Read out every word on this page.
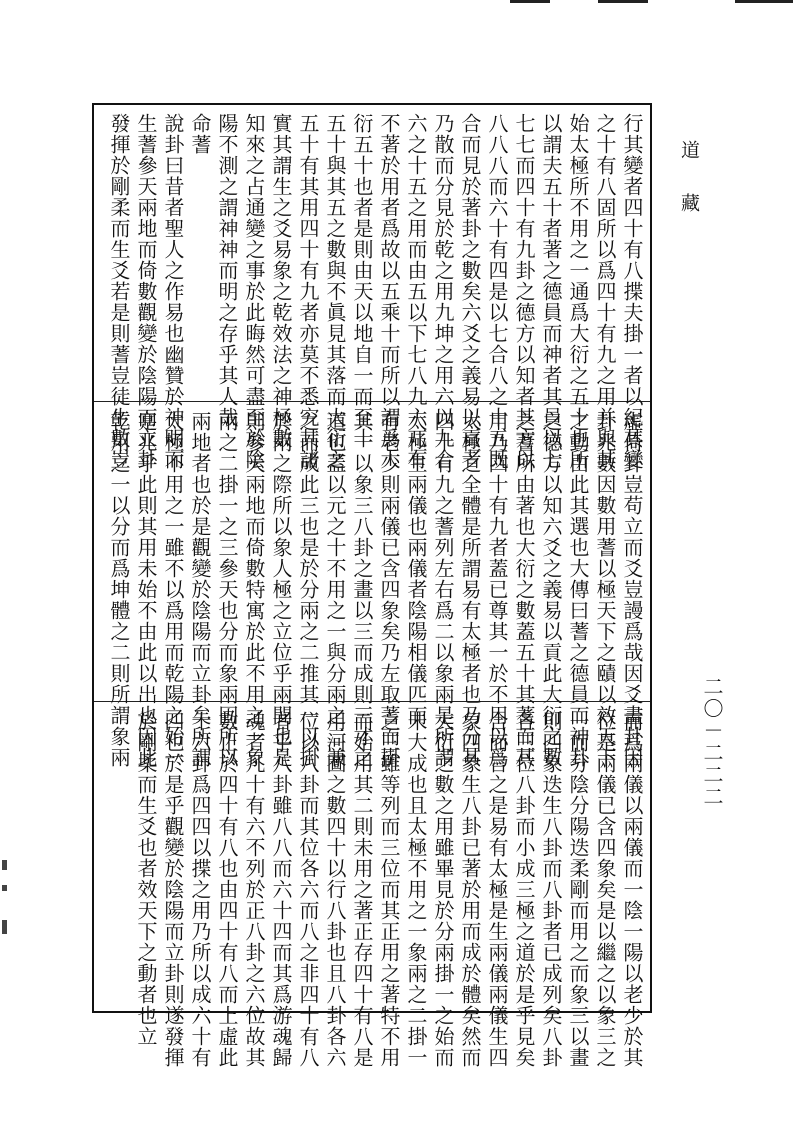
行其變者四十有八揲夫掛一者以紀其變
之十有八固所以爲四十有九之用并與其
始太極所不用之一通爲大衍之五十也所
以謂夫五十者著之德員而神者其員以七
七七而四十有九卦之德方以知者其方以
八八八而六十有四是以七合八之十五既
合而見於著卦之數矣六爻之義易以貢者
乃散而分見於乾之用九坤之用六以九合
六之十五之用而由五以下七八九六兀有
不著於用者爲故以五乘十而所以謂爲大
衍五十也者是則由天以地自一而至十
五十與其五之數與不眞見其落而大衍之
五十有其用四十有九者亦莫不悉究其諸
實其謂生之爻易象之乾效法之神極數
知來之占通變之事於此晦然可盡至於陰
陽不測之謂神神而明之存乎其人哉
命蓍
說卦曰昔者聖人之作易也幽贊於神明而
生蓍參天兩地而倚數觀變於陰陽而立卦
發揮於剛柔而生爻若是則蓍豈徒生數豈
虛倚卦豈苟立而爻豈謾爲哉因爻畫卦因
卦兆數因數用蓍以極天下之賾以效天下
之動由此其選也大傳曰蓍之德員而神卦
之德方以知六爻之義易以貢此大衍之數
之蓍所由著也大衍之數蓋五十其蓍而其
用乃四十有九者蓋已尊其一於不用以爲
太極之全體是所謂易有太極者也乃分其
四十有九之蓍列左右爲二以象兩是所謂
太極生兩儀也兩儀者陰陽相儀匹而
有老少則兩儀已含四象矣乃左取蓍而掛
其一以象三八卦之畫以三而成則三才之
道也蓋以元之十不用之一與分兩之二兼
之而成此三也是於分兩之二推其一以掛
於兩之際所以象人極之立位乎兩間也是
則參天兩地而倚數特寓於此不用之一象
兩之二掛一之三參天也分而象兩固所以
兩地者也於是觀變於陰陽而立卦矣所謂
太極不用之一雖不以爲用而乾陽之始一
寔兆乎此則其用未始不由此以出也因此
乾用之一以分而爲坤體之二則所謂象兩
而爲兩儀以兩儀而一陰一陽以老少於其
位是兩儀已含四象矣是以繼之以象三之
一而分陰分陽迭柔剛而用之而象三以畫
則四象迭生八卦而八卦者已成列矣八卦
各三位八卦而小成三極之道於是乎見矣
合而言之是易有太極是生兩儀兩儀生四
象四象生八卦已著於用而成於體矣然而
大衍之數之用雖畢見於分兩掛一之始而
未大成也且太極不用之一象兩之二掛一
之三雖等列而三位而其正用之著特不用
而始用其二則未用之著正存四十有八是
用河圖之數四十以行八卦也且八卦各六
位以八卦而其位各六而八之非四十有八
者乎八卦雖八八而六十四而其爲游魂歸
魂者凡十有六不列於正八卦之六位故其
數止於四十有八也由四十有八而上虛此
十六卦爲四四以揲之用乃所以成六十有
四也於是乎觀變於陰陽而立卦則遂發揮
於剛柔而生爻也者效天下之動者也立
道 藏
二〇－二二二
